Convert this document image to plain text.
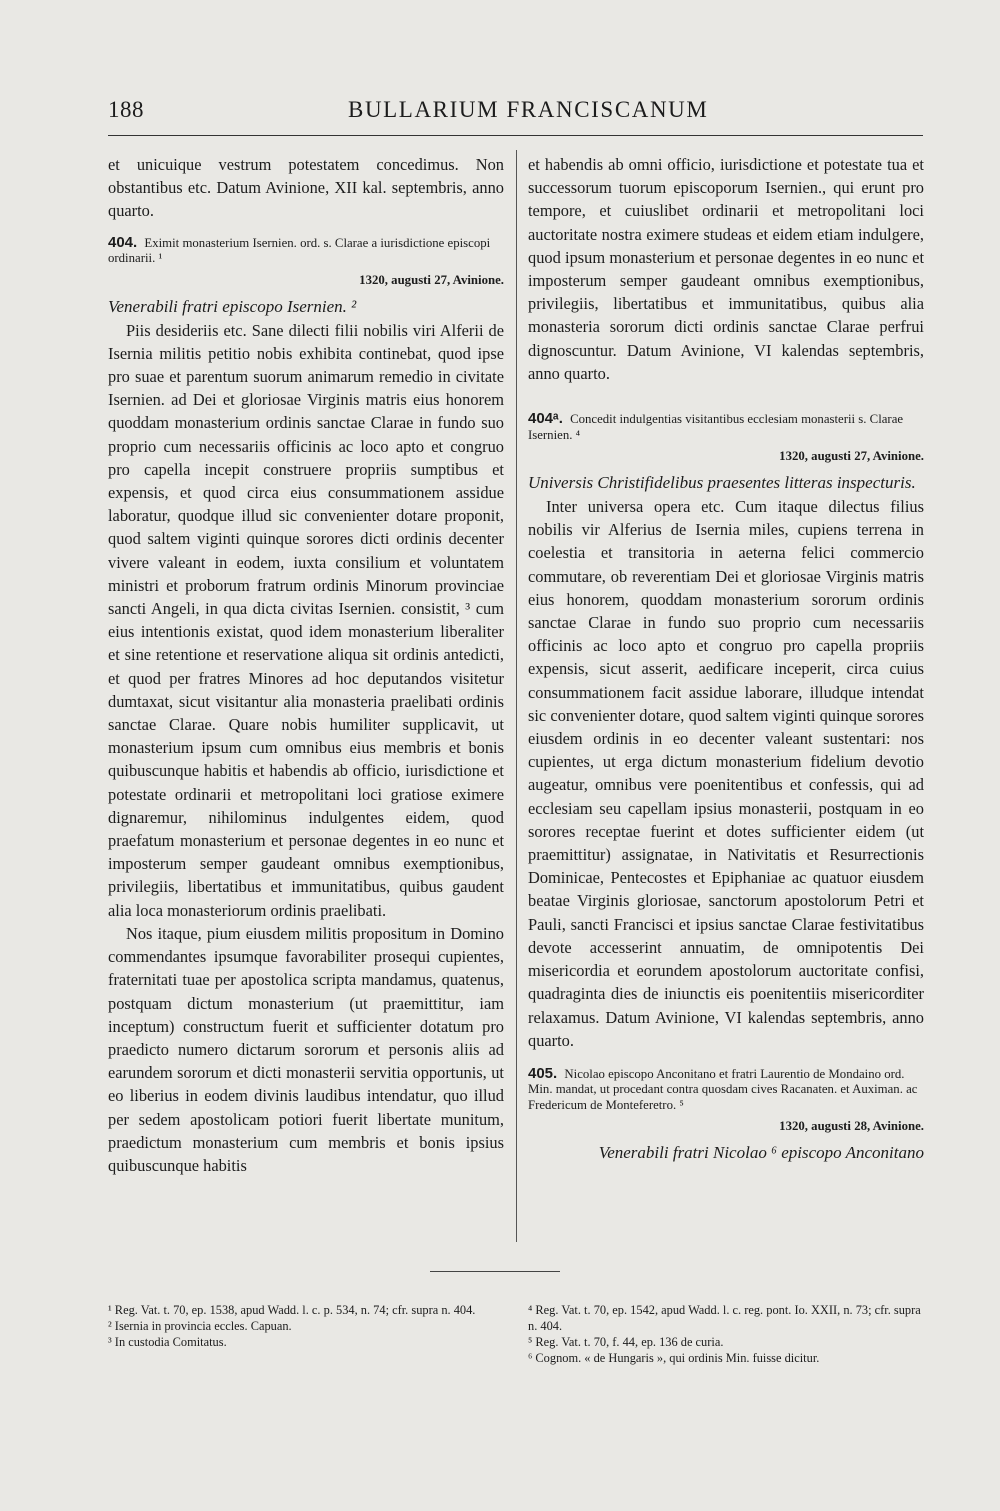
188	BULLARIUM FRANCISCANUM

et unicuique vestrum potestatem concedimus. Non obstantibus etc. Datum Avinione, XII kal. septembris, anno quarto.

404. Eximit monasterium Isernien. ord. s. Clarae a iurisdictione episcopi ordinarii. ¹
1320, augusti 27, Avinione.

Venerabili fratri episcopo Isernien. ²

Piis desideriis etc. Sane dilecti filii nobilis viri Alferii de Isernia militis petitio nobis exhibita continebat, quod ipse pro suae et parentum suorum animarum remedio in civitate Isernien. ad Dei et gloriosae Virginis matris eius honorem quoddam monasterium ordinis sanctae Clarae in fundo suo proprio cum necessariis officinis ac loco apto et congruo pro capella incepit construere propriis sumptibus et expensis, et quod circa eius consummationem assidue laboratur, quodque illud sic convenienter dotare proponit, quod saltem viginti quinque sorores dicti ordinis decenter vivere valeant in eodem, iuxta consilium et voluntatem ministri et proborum fratrum ordinis Minorum provinciae sancti Angeli, in qua dicta civitas Isernien. consistit, ³ cum eius intentionis existat, quod idem monasterium liberaliter et sine retentione et reservatione aliqua sit ordinis antedicti, et quod per fratres Minores ad hoc deputandos visitetur dumtaxat, sicut visitantur alia monasteria praelibati ordinis sanctae Clarae. Quare nobis humiliter supplicavit, ut monasterium ipsum cum omnibus eius membris et bonis quibuscunque habitis et habendis ab officio, iurisdictione et potestate ordinarii et metropolitani loci gratiose eximere dignaremur, nihilominus indulgentes eidem, quod praefatum monasterium et personae degentes in eo nunc et imposterum semper gaudeant omnibus exemptionibus, privilegiis, libertatibus et immunitatibus, quibus gaudent alia loca monasteriorum ordinis praelibati.

Nos itaque, pium eiusdem militis propositum in Domino commendantes ipsumque favorabiliter prosequi cupientes, fraternitati tuae per apostolica scripta mandamus, quatenus, postquam dictum monasterium (ut praemittitur, iam inceptum) constructum fuerit et sufficienter dotatum pro praedicto numero dictarum sororum et personis aliis ad earundem sororum et dicti monasterii servitia opportunis, ut eo liberius in eodem divinis laudibus intendatur, quo illud per sedem apostolicam potiori fuerit libertate munitum, praedictum monasterium cum membris et bonis ipsius quibuscunque habitis

et habendis ab omni officio, iurisdictione et potestate tua et successorum tuorum episcoporum Isernien., qui erunt pro tempore, et cuiuslibet ordinarii et metropolitani loci auctoritate nostra eximere studeas et eidem etiam indulgere, quod ipsum monasterium et personae degentes in eo nunc et imposterum semper gaudeant omnibus exemptionibus, privilegiis, libertatibus et immunitatibus, quibus alia monasteria sororum dicti ordinis sanctae Clarae perfrui dignoscuntur. Datum Avinione, VI kalendas septembris, anno quarto.

404ᵃ. Concedit indulgentias visitantibus ecclesiam monasterii s. Clarae Isernien. ⁴
1320, augusti 27, Avinione.

Universis Christifidelibus praesentes litteras inspecturis.

Inter universa opera etc. Cum itaque dilectus filius nobilis vir Alferius de Isernia miles, cupiens terrena in coelestia et transitoria in aeterna felici commercio commutare, ob reverentiam Dei et gloriosae Virginis matris eius honorem, quoddam monasterium sororum ordinis sanctae Clarae in fundo suo proprio cum necessariis officinis ac loco apto et congruo pro capella propriis expensis, sicut asserit, aedificare inceperit, circa cuius consummationem facit assidue laborare, illudque intendat sic convenienter dotare, quod saltem viginti quinque sorores eiusdem ordinis in eo decenter valeant sustentari: nos cupientes, ut erga dictum monasterium fidelium devotio augeatur, omnibus vere poenitentibus et confessis, qui ad ecclesiam seu capellam ipsius monasterii, postquam in eo sorores receptae fuerint et dotes sufficienter eidem (ut praemittitur) assignatae, in Nativitatis et Resurrectionis Dominicae, Pentecostes et Epiphaniae ac quatuor eiusdem beatae Virginis gloriosae, sanctorum apostolorum Petri et Pauli, sancti Francisci et ipsius sanctae Clarae festivitatibus devote accesserint annuatim, de omnipotentis Dei misericordia et eorundem apostolorum auctoritate confisi, quadraginta dies de iniunctis eis poenitentiis misericorditer relaxamus. Datum Avinione, VI kalendas septembris, anno quarto.

405. Nicolao episcopo Anconitano et fratri Laurentio de Mondaino ord. Min. mandat, ut procedant contra quosdam cives Racanaten. et Auximan. ac Fredericum de Monteferetro. ⁵
1320, augusti 28, Avinione.

Venerabili fratri Nicolao ⁶ episcopo Anconitano

¹ Reg. Vat. t. 70, ep. 1538, apud Wadd. l. c. p. 534, n. 74; cfr. supra n. 404.

² Isernia in provincia eccles. Capuan.

³ In custodia Comitatus.

⁴ Reg. Vat. t. 70, ep. 1542, apud Wadd. l. c. reg. pont. Io. XXII, n. 73; cfr. supra n. 404.

⁵ Reg. Vat. t. 70, f. 44, ep. 136 de curia.

⁶ Cognom. « de Hungaris », qui ordinis Min. fuisse dicitur.
